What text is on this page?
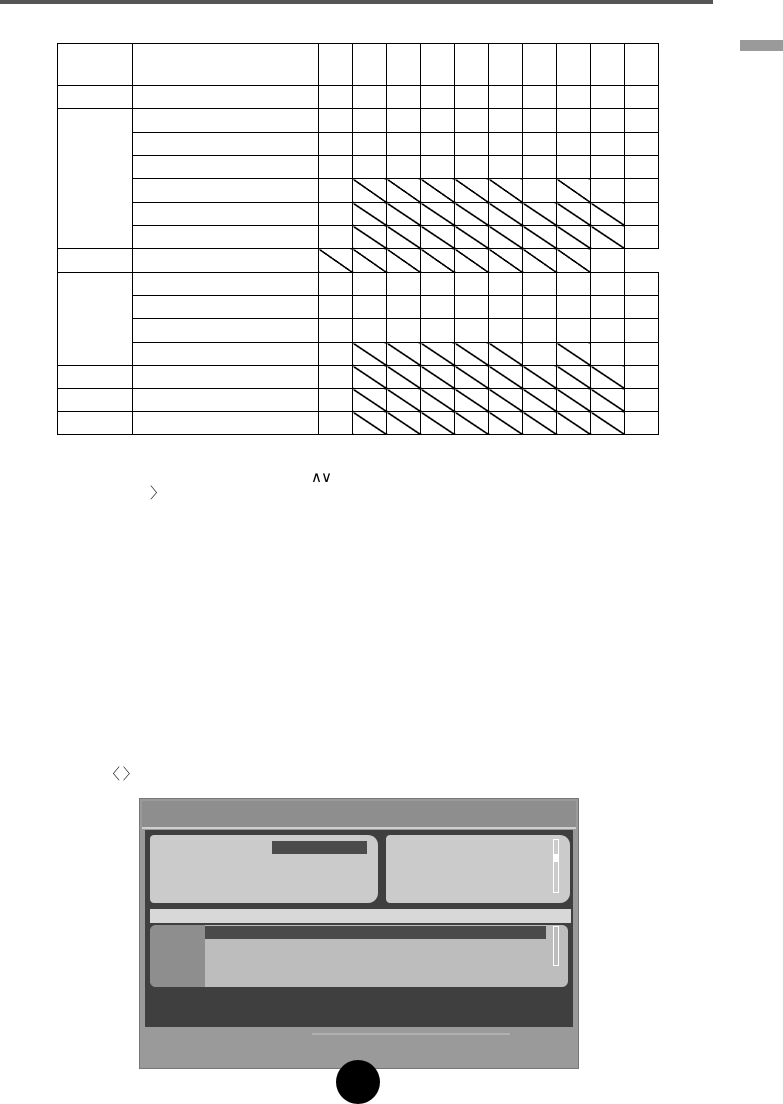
∧∨
〉
〈 〉
